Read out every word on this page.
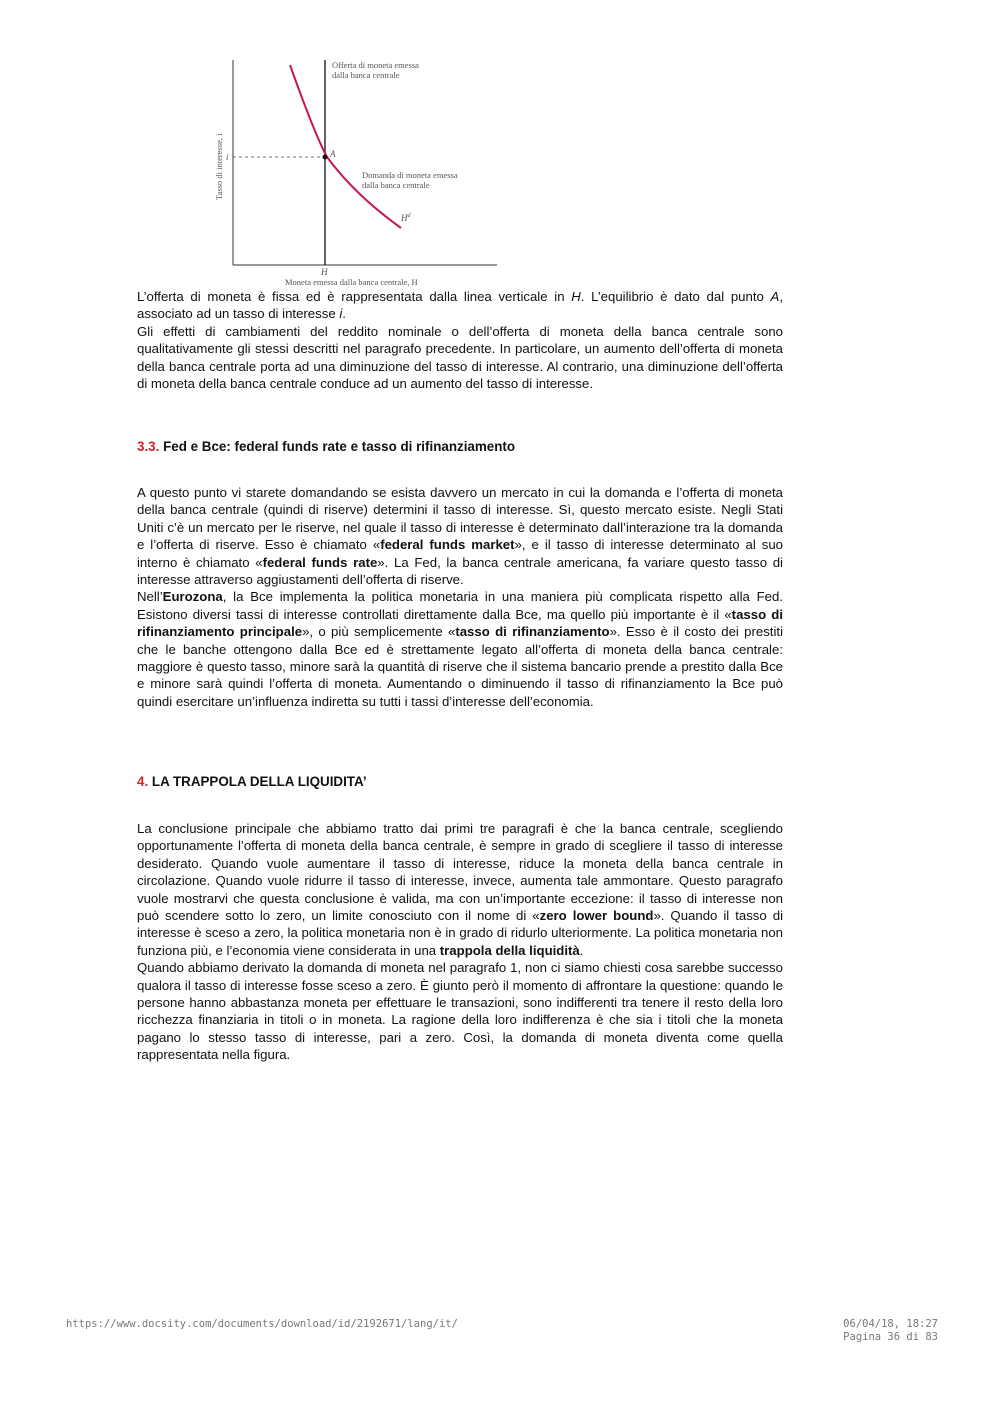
Offerta di moneta emessa
dalla banca centrale
A
Domanda di moneta emessa
dalla banca centrale
$H^d$
Tasso di interesse, i i
H
Moneta emessa dalla banca centrale, H

L’offerta di moneta è fissa ed è rappresentata dalla linea verticale in H. L’equilibrio è dato dal punto A, associato ad un tasso di interesse i.

Gli effetti di cambiamenti del reddito nominale o dell’offerta di moneta della banca centrale sono qualitativamente gli stessi descritti nel paragrafo precedente. In particolare, un aumento dell’offerta di moneta della banca centrale porta ad una diminuzione del tasso di interesse. Al contrario, una diminuzione dell’offerta di moneta della banca centrale conduce ad un aumento del tasso di interesse.

3.3. Fed e Bce: federal funds rate e tasso di rifinanziamento

A questo punto vi starete domandando se esista davvero un mercato in cui la domanda e l’offerta di moneta della banca centrale (quindi di riserve) determini il tasso di interesse. Sì, questo mercato esiste. Negli Stati Uniti c’è un mercato per le riserve, nel quale il tasso di interesse è determinato dall’interazione tra la domanda e l’offerta di riserve. Esso è chiamato «federal funds market», e il tasso di interesse determinato al suo interno è chiamato «federal funds rate». La Fed, la banca centrale americana, fa variare questo tasso di interesse attraverso aggiustamenti dell’offerta di riserve.

Nell’Eurozona, la Bce implementa la politica monetaria in una maniera più complicata rispetto alla Fed. Esistono diversi tassi di interesse controllati direttamente dalla Bce, ma quello più importante è il «tasso di rifinanziamento principale», o più semplicemente «tasso di rifinanziamento». Esso è il costo dei prestiti che le banche ottengono dalla Bce ed è strettamente legato all’offerta di moneta della banca centrale: maggiore è questo tasso, minore sarà la quantità di riserve che il sistema bancario prende a prestito dalla Bce e minore sarà quindi l’offerta di moneta. Aumentando o diminuendo il tasso di rifinanziamento la Bce può quindi esercitare un’influenza indiretta su tutti i tassi d’interesse dell’economia.

4. LA TRAPPOLA DELLA LIQUIDITA’

La conclusione principale che abbiamo tratto dai primi tre paragrafi è che la banca centrale, scegliendo opportunamente l’offerta di moneta della banca centrale, è sempre in grado di scegliere il tasso di interesse desiderato. Quando vuole aumentare il tasso di interesse, riduce la moneta della banca centrale in circolazione. Quando vuole ridurre il tasso di interesse, invece, aumenta tale ammontare. Questo paragrafo vuole mostrarvi che questa conclusione è valida, ma con un’importante eccezione: il tasso di interesse non può scendere sotto lo zero, un limite conosciuto con il nome di «zero lower bound». Quando il tasso di interesse è sceso a zero, la politica monetaria non è in grado di ridurlo ulteriormente. La politica monetaria non funziona più, e l’economia viene considerata in una trappola della liquidità.

Quando abbiamo derivato la domanda di moneta nel paragrafo 1, non ci siamo chiesti cosa sarebbe successo qualora il tasso di interesse fosse sceso a zero. È giunto però il momento di affrontare la questione: quando le persone hanno abbastanza moneta per effettuare le transazioni, sono indifferenti tra tenere il resto della loro ricchezza finanziaria in titoli o in moneta. La ragione della loro indifferenza è che sia i titoli che la moneta pagano lo stesso tasso di interesse, pari a zero. Così, la domanda di moneta diventa come quella rappresentata nella figura.

https://www.docsity.com/documents/download/id/2192671/lang/it/	06/04/18, 18:27
Pagina 36 di 83
